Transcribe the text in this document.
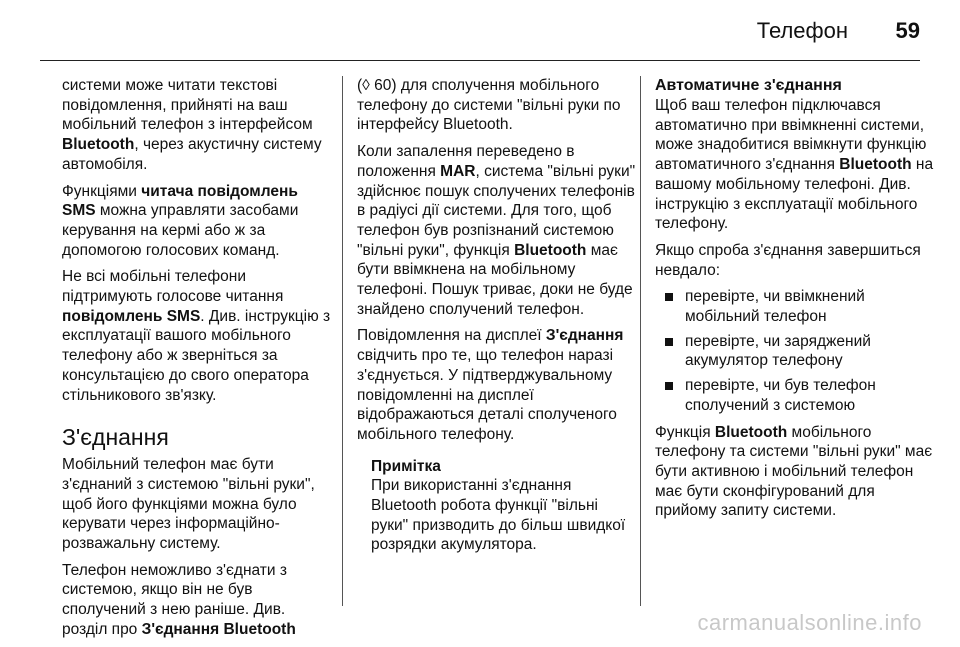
Телефон 59

системи може читати текстові повідомлення, прийняті на ваш мобільний телефон з інтерфейсом Bluetooth, через акустичну систему автомобіля.

Функціями читача повідомлень SMS можна управляти засобами керування на кермі або ж за допомогою голосових команд.

Не всі мобільні телефони підтримують голосове читання повідомлень SMS. Див. інструкцію з експлуатації вашого мобільного телефону або ж зверніться за консультацією до свого оператора стільникового зв'язку.

З'єднання

Мобільний телефон має бути з'єднаний з системою "вільні руки", щоб його функціями можна було керувати через інформаційно-розважальну систему.

Телефон неможливо з'єднати з системою, якщо він не був сполучений з нею раніше. Див. розділ про З'єднання Bluetooth

(◊ 60) для сполучення мобільного телефону до системи "вільні руки по інтерфейсу Bluetooth.

Коли запалення переведено в положення MAR, система "вільні руки" здійснює пошук сполучених телефонів в радіусі дії системи. Для того, щоб телефон був розпізнаний системою "вільні руки", функція Bluetooth має бути ввімкнена на мобільному телефоні. Пошук триває, доки не буде знайдено сполучений телефон.

Повідомлення на дисплеї З'єднання свідчить про те, що телефон наразі з'єднується. У підтверджувальному повідомленні на дисплеї відображаються деталі сполученого мобільного телефону.

Примітка
При використанні з'єднання Bluetooth робота функції "вільні руки" призводить до більш швидкої розрядки акумулятора.
Автоматичне з'єднання

Щоб ваш телефон підключався автоматично при ввімкненні системи, може знадобитися ввімкнути функцію автоматичного з'єднання Bluetooth на вашому мобільному телефоні. Див. інструкцію з експлуатації мобільного телефону.

Якщо спроба з'єднання завершиться невдало:

перевірте, чи ввімкнений мобільний телефон
перевірте, чи заряджений акумулятор телефону
перевірте, чи був телефон сполучений з системою

Функція Bluetooth мобільного телефону та системи "вільні руки" має бути активною і мобільний телефон має бути сконфігурований для прийому запиту системи.

carmanualsonline.info
